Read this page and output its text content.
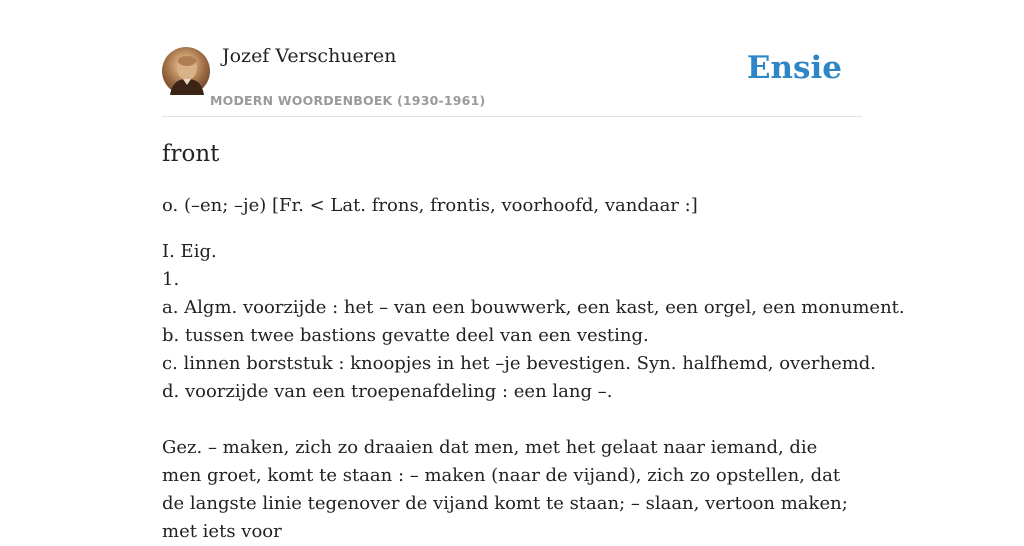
Jozef Verschueren
MODERN WOORDENBOEK (1930-1961)
Ensie
front
o. (–en; –je) [Fr. < Lat. frons, frontis, voorhoofd, vandaar :]
I. Eig.
1.
a. Algm. voorzijde : het – van een bouwwerk, een kast, een orgel, een monument.
b. tussen twee bastions gevatte deel van een vesting.
c. linnen borststuk : knoopjes in het –je bevestigen. Syn. halfhemd, overhemd.
d. voorzijde van een troepenafdeling : een lang –.
Gez. – maken, zich zo draaien dat men, met het gelaat naar iemand, die men groet, komt te staan : – maken (naar de vijand), zich zo opstellen, dat de langste linie tegenover de vijand komt te staan; – slaan, vertoon maken; met iets voor
